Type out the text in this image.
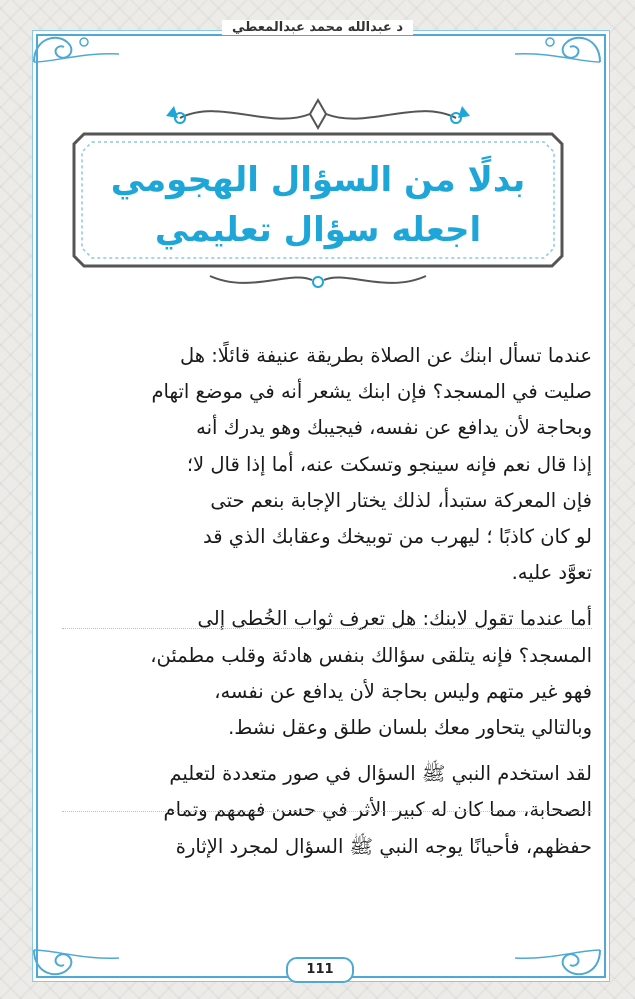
د عبدالله محمد عبدالمعطي
بدلًا من السؤال الهجومي
اجعله سؤال تعليمي

عندما تسأل ابنك عن الصلاة بطريقة عنيفة قائلًا: هل
صليت في المسجد؟ فإن ابنك يشعر أنه في موضع اتهام
وبحاجة لأن يدافع عن نفسه، فيجيبك وهو يدرك أنه
إذا قال نعم فإنه سينجو وتسكت عنه، أما إذا قال لا؛
فإن المعركة ستبدأ، لذلك يختار الإجابة بنعم حتى
لو كان كاذبًا ؛ ليهرب من توبيخك وعقابك الذي قد
تعوَّد عليه.

أما عندما تقول لابنك: هل تعرف ثواب الخُطى إلى
المسجد؟ فإنه يتلقى سؤالك بنفس هادئة وقلب مطمئن،
فهو غير متهم وليس بحاجة لأن يدافع عن نفسه،
وبالتالي يتحاور معك بلسان طلق وعقل نشط.

لقد استخدم النبي ﷺ السؤال في صور متعددة لتعليم
الصحابة، مما كان له كبير الأثر في حسن فهمهم وتمام
حفظهم، فأحيانًا يوجه النبي ﷺ السؤال لمجرد الإثارة

111
